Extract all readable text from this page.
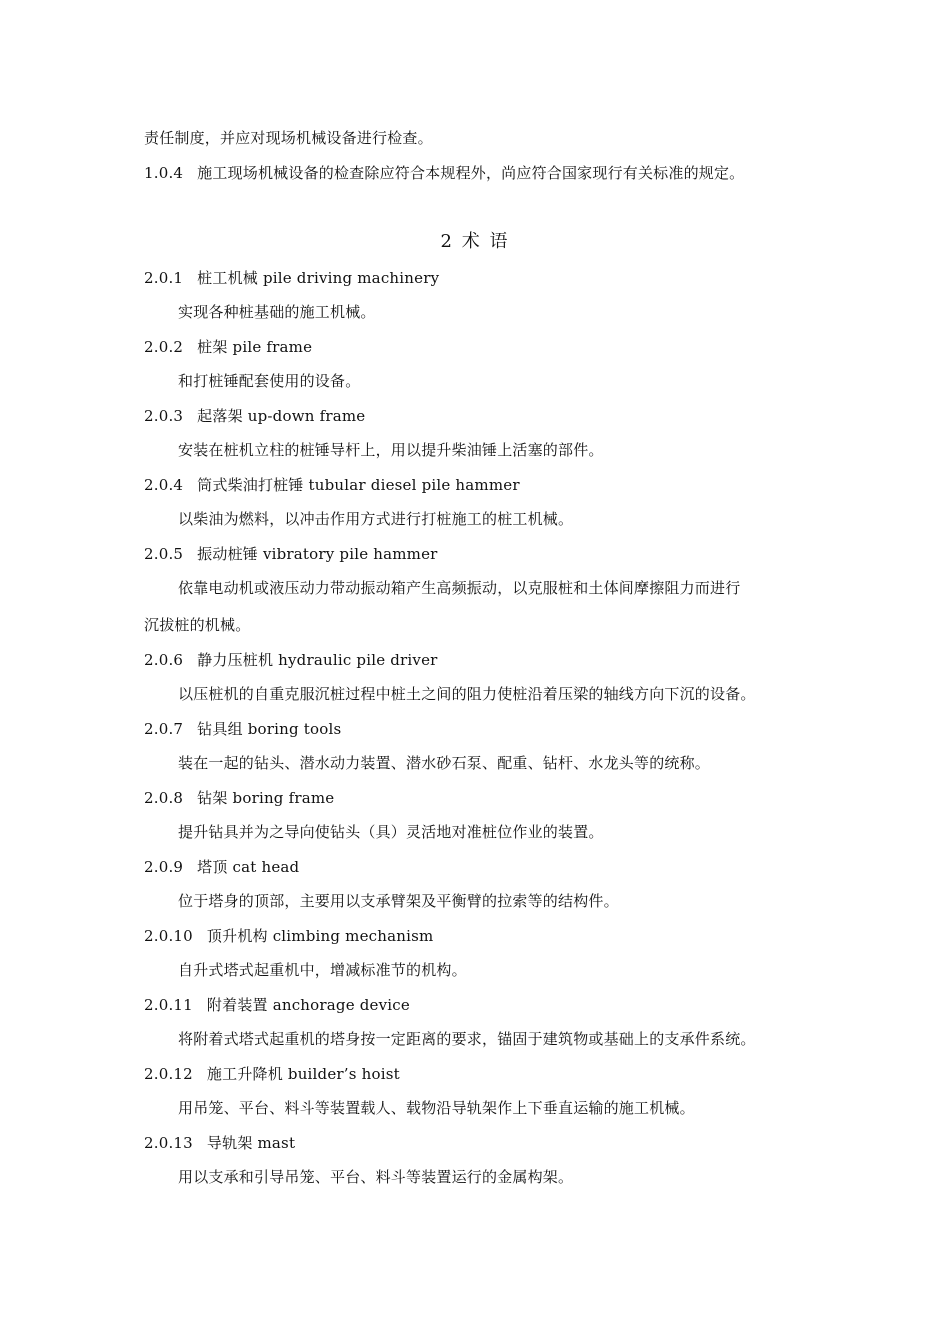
责任制度，并应对现场机械设备进行检查。
1.0.4 施工现场机械设备的检查除应符合本规程外，尚应符合国家现行有关标准的规定。
2 术 语
2.0.1 桩工机械 pile driving machinery
实现各种桩基础的施工机械。
2.0.2 桩架 pile frame
和打桩锤配套使用的设备。
2.0.3 起落架 up-down frame
安装在桩机立柱的桩锤导杆上，用以提升柴油锤上活塞的部件。
2.0.4 筒式柴油打桩锤 tubular diesel pile hammer
以柴油为燃料，以冲击作用方式进行打桩施工的桩工机械。
2.0.5 振动桩锤 vibratory pile hammer
依靠电动机或液压动力带动振动箱产生高频振动，以克服桩和土体间摩擦阻力而进行
沉拔桩的机械。
2.0.6 静力压桩机 hydraulic pile driver
以压桩机的自重克服沉桩过程中桩土之间的阻力使桩沿着压梁的轴线方向下沉的设备。
2.0.7 钻具组 boring tools
装在一起的钻头、潜水动力装置、潜水砂石泵、配重、钻杆、水龙头等的统称。
2.0.8 钻架 boring frame
提升钻具并为之导向使钻头（具）灵活地对准桩位作业的装置。
2.0.9 塔顶 cat head
位于塔身的顶部，主要用以支承臂架及平衡臂的拉索等的结构件。
2.0.10 顶升机构 climbing mechanism
自升式塔式起重机中，增减标准节的机构。
2.0.11 附着装置 anchorage device
将附着式塔式起重机的塔身按一定距离的要求，锚固于建筑物或基础上的支承件系统。
2.0.12 施工升降机 builder’s hoist
用吊笼、平台、料斗等装置载人、载物沿导轨架作上下垂直运输的施工机械。
2.0.13 导轨架 mast
用以支承和引导吊笼、平台、料斗等装置运行的金属构架。
